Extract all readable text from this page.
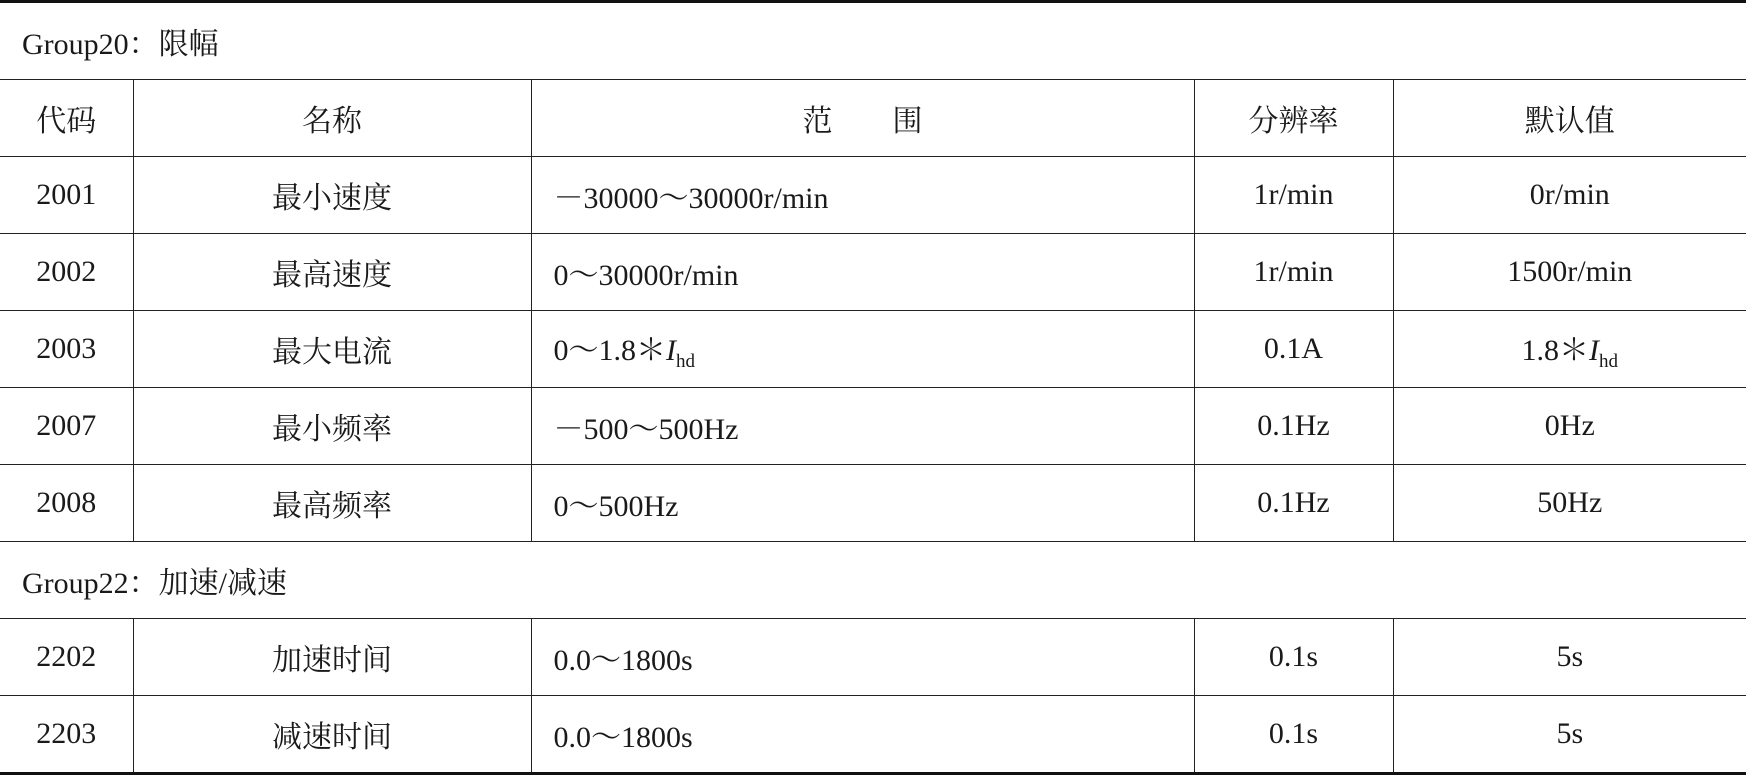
Group20：限幅				
代码	名称	范　　围	分辨率	默认值
2001	最小速度	－30000～30000r/min	1r/min	0r/min
2002	最高速度	0～30000r/min	1r/min	1500r/min
2003	最大电流	$0\sim 1.8*I_{hd}$	0.1A	$1.8*I_{hd}$
2007	最小频率	－500～500Hz	0.1Hz	0Hz
2008	最高频率	0～500Hz	0.1Hz	50Hz
Group22：加速/减速				
2202	加速时间	0.0～1800s	0.1s	5s
2203	减速时间	0.0～1800s	0.1s	5s
